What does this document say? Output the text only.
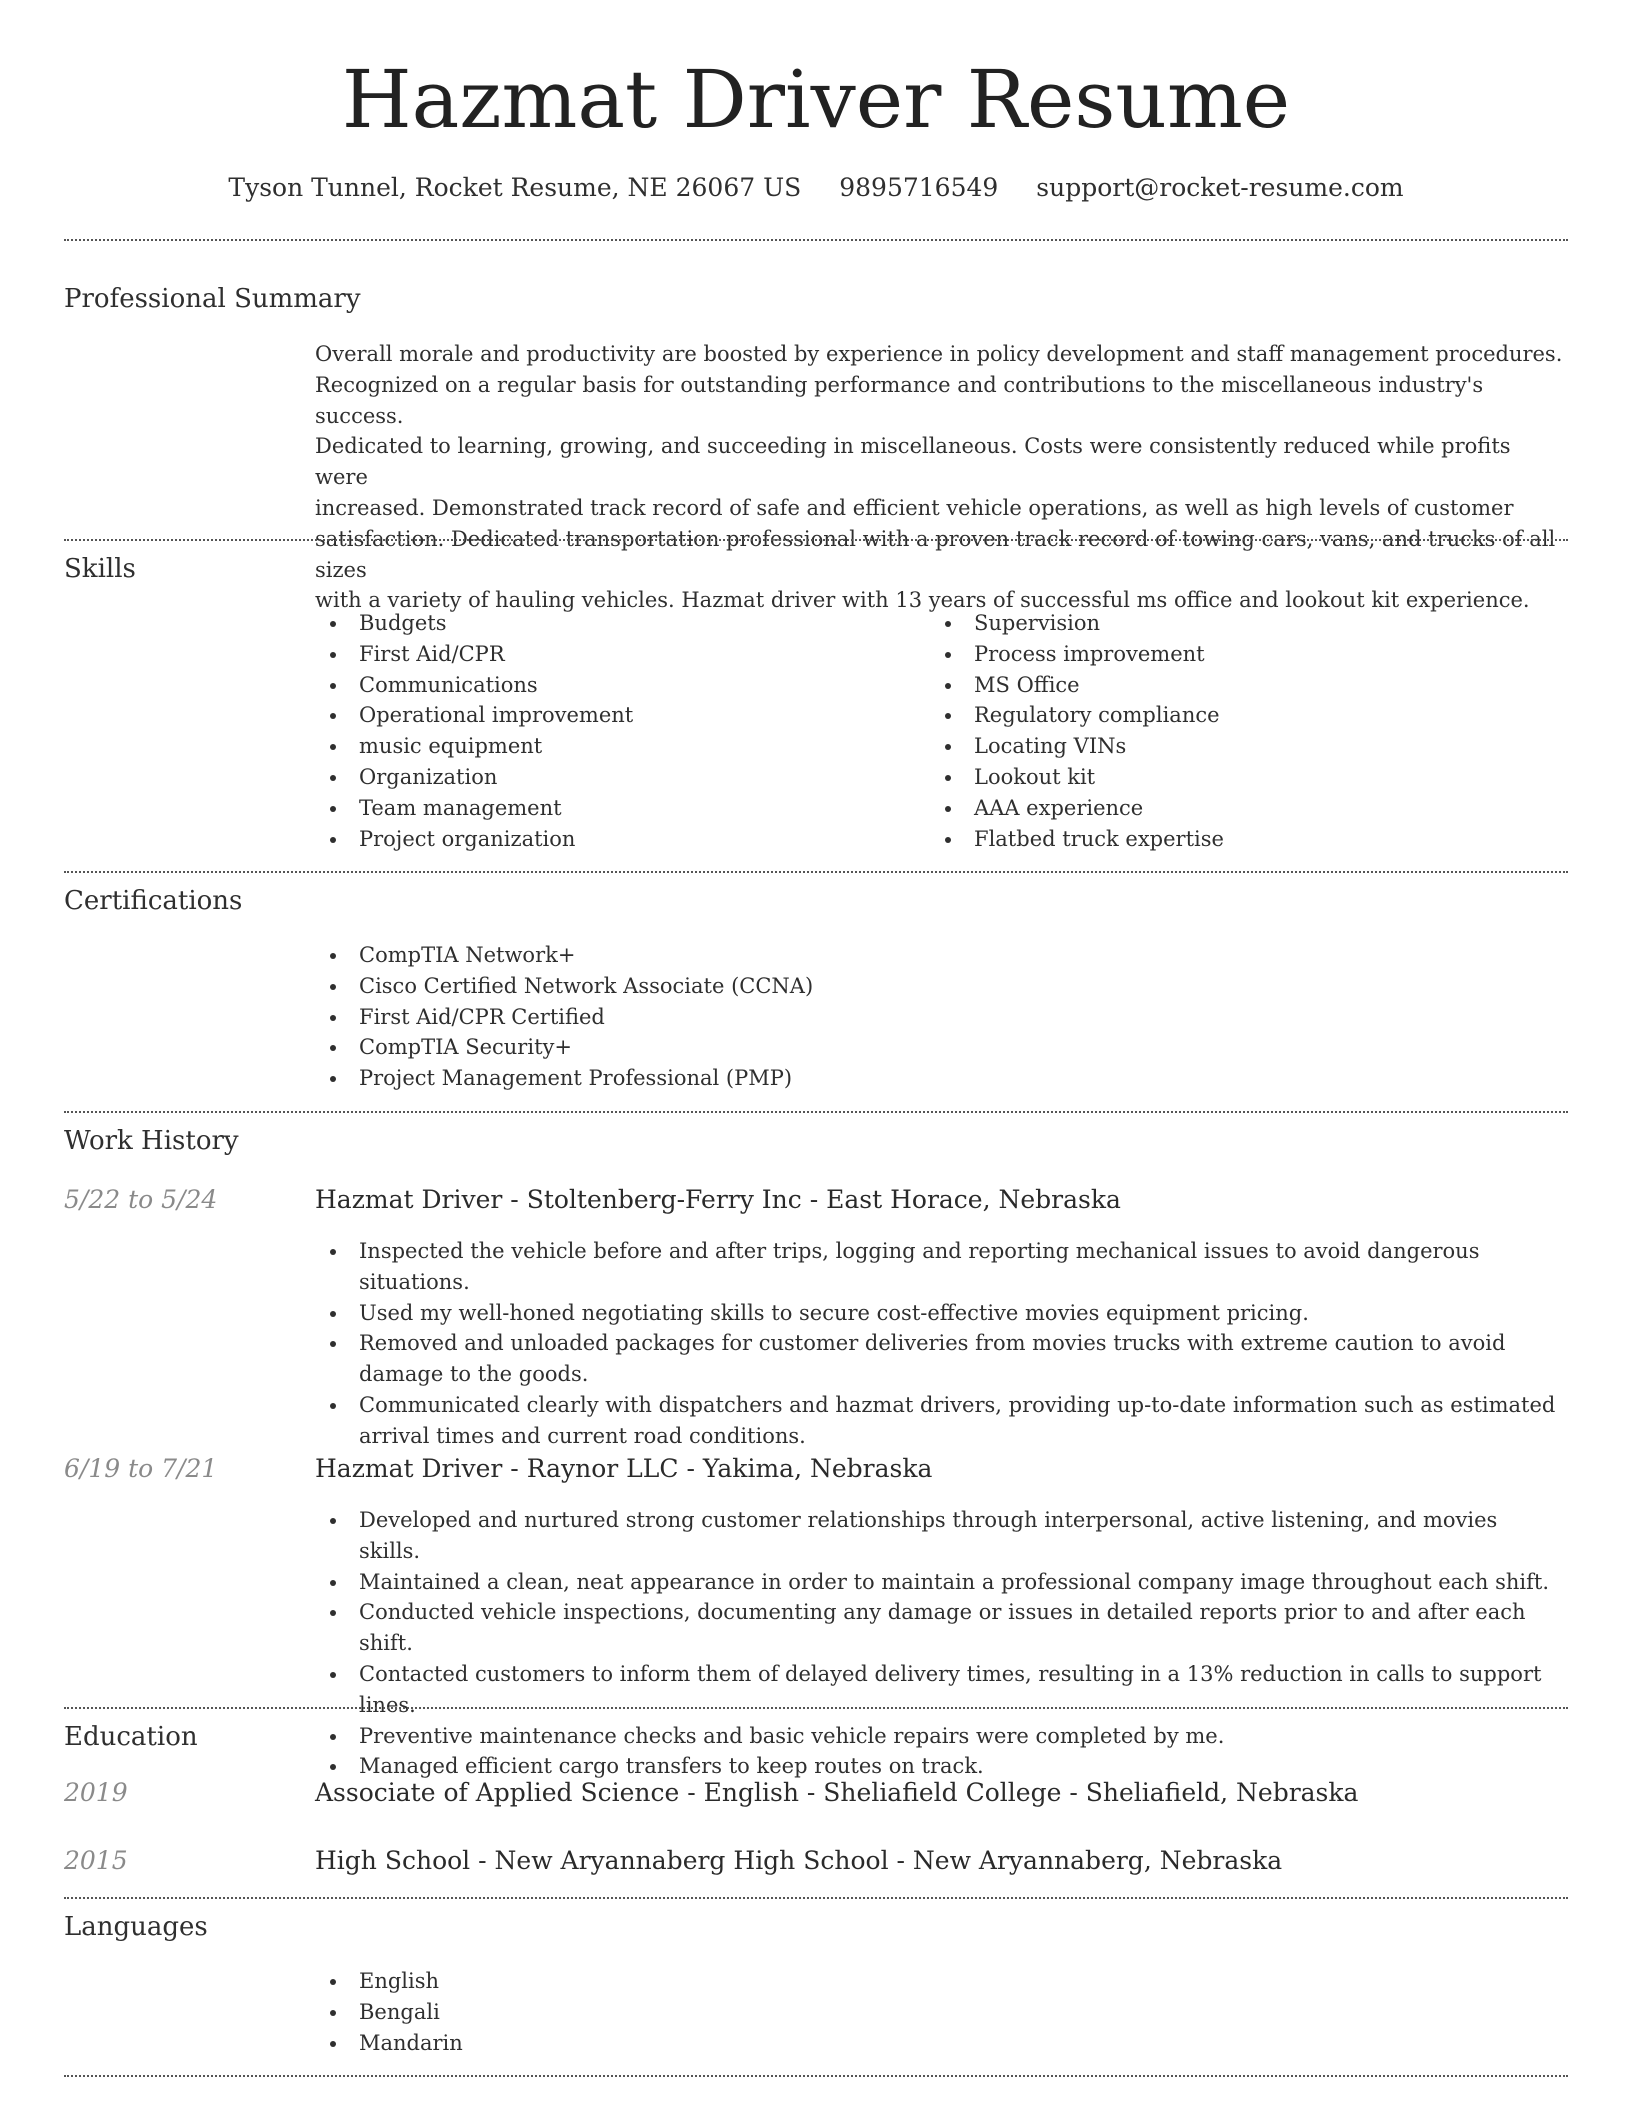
Hazmat Driver Resume
Tyson Tunnel, Rocket Resume, NE 26067 US 9895716549 support@rocket-resume.com
Professional Summary
Overall morale and productivity are boosted by experience in policy development and staff management procedures.
Recognized on a regular basis for outstanding performance and contributions to the miscellaneous industry's success.
Dedicated to learning, growing, and succeeding in miscellaneous. Costs were consistently reduced while profits were
increased. Demonstrated track record of safe and efficient vehicle operations, as well as high levels of customer
satisfaction. Dedicated transportation professional with a proven track record of towing cars, vans, and trucks of all sizes
with a variety of hauling vehicles. Hazmat driver with 13 years of successful ms office and lookout kit experience.
Skills
Budgets
First Aid/CPR
Communications
Operational improvement
music equipment
Organization
Team management
Project organization
Supervision
Process improvement
MS Office
Regulatory compliance
Locating VINs
Lookout kit
AAA experience
Flatbed truck expertise
Certifications
CompTIA Network+
Cisco Certified Network Associate (CCNA)
First Aid/CPR Certified
CompTIA Security+
Project Management Professional (PMP)
Work History
5/22 to 5/24	Hazmat Driver - Stoltenberg-Ferry Inc - East Horace, Nebraska
Inspected the vehicle before and after trips, logging and reporting mechanical issues to avoid dangerous situations.
Used my well-honed negotiating skills to secure cost-effective movies equipment pricing.
Removed and unloaded packages for customer deliveries from movies trucks with extreme caution to avoid damage to the goods.
Communicated clearly with dispatchers and hazmat drivers, providing up-to-date information such as estimated arrival times and current road conditions.
6/19 to 7/21	Hazmat Driver - Raynor LLC - Yakima, Nebraska
Developed and nurtured strong customer relationships through interpersonal, active listening, and movies skills.
Maintained a clean, neat appearance in order to maintain a professional company image throughout each shift.
Conducted vehicle inspections, documenting any damage or issues in detailed reports prior to and after each shift.
Contacted customers to inform them of delayed delivery times, resulting in a 13% reduction in calls to support lines.
Preventive maintenance checks and basic vehicle repairs were completed by me.
Managed efficient cargo transfers to keep routes on track.
Education
2019	Associate of Applied Science - English - Sheliafield College - Sheliafield, Nebraska
2015	High School - New Aryannaberg High School - New Aryannaberg, Nebraska
Languages
English
Bengali
Mandarin
